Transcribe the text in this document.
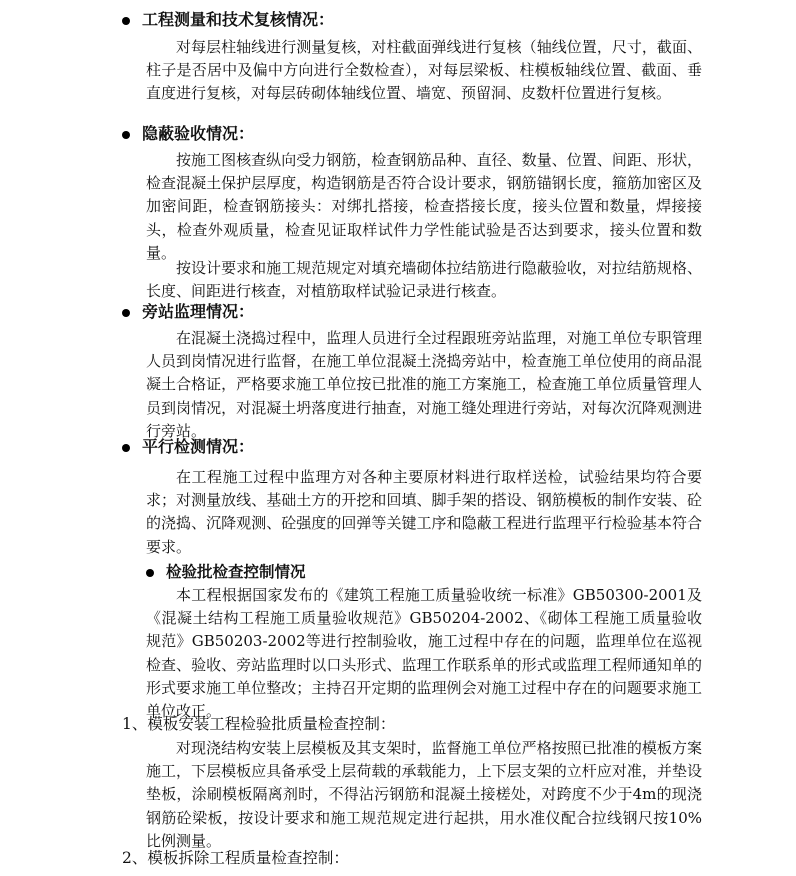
工程测量和技术复核情况：

对每层柱轴线进行测量复核，对柱截面弹线进行复核（轴线位置，尺寸，截面、柱子是否居中及偏中方向进行全数检查），对每层梁板、柱模板轴线位置、截面、垂直度进行复核，对每层砖砌体轴线位置、墙宽、预留洞、皮数杆位置进行复核。

隐蔽验收情况：

按施工图核查纵向受力钢筋，检查钢筋品种、直径、数量、位置、间距、形状，检查混凝土保护层厚度，构造钢筋是否符合设计要求，钢筋锚钢长度，箍筋加密区及加密间距，检查钢筋接头：对绑扎搭接，检查搭接长度，接头位置和数量，焊接接头，检查外观质量，检查见证取样试件力学性能试验是否达到要求，接头位置和数量。

按设计要求和施工规范规定对填充墙砌体拉结筋进行隐蔽验收，对拉结筋规格、长度、间距进行核查，对植筋取样试验记录进行核查。

旁站监理情况：

在混凝土浇捣过程中，监理人员进行全过程跟班旁站监理，对施工单位专职管理人员到岗情况进行监督，在施工单位混凝土浇捣旁站中，检查施工单位使用的商品混凝土合格证，严格要求施工单位按已批准的施工方案施工，检查施工单位质量管理人员到岗情况，对混凝土坍落度进行抽查，对施工缝处理进行旁站，对每次沉降观测进行旁站。

平行检测情况：

在工程施工过程中监理方对各种主要原材料进行取样送检，试验结果均符合要求；对测量放线、基础土方的开挖和回填、脚手架的搭设、钢筋模板的制作安装、砼的浇捣、沉降观测、砼强度的回弹等关键工序和隐蔽工程进行监理平行检验基本符合要求。

检验批检查控制情况

本工程根据国家发布的《建筑工程施工质量验收统一标准》GB50300-2001及《混凝土结构工程施工质量验收规范》GB50204-2002、《砌体工程施工质量验收规范》GB50203-2002等进行控制验收，施工过程中存在的问题，监理单位在巡视检查、验收、旁站监理时以口头形式、监理工作联系单的形式或监理工程师通知单的形式要求施工单位整改；主持召开定期的监理例会对施工过程中存在的问题要求施工单位改正。

1、模板安装工程检验批质量检查控制：

对现浇结构安装上层模板及其支架时，监督施工单位严格按照已批准的模板方案施工，下层模板应具备承受上层荷载的承载能力，上下层支架的立杆应对准，并垫设垫板，涂刷模板隔离剂时，不得沾污钢筋和混凝土接槎处，对跨度不少于4m的现浇钢筋砼梁板，按设计要求和施工规范规定进行起拱，用水准仪配合拉线钢尺按10%比例测量。

2、模板拆除工程质量检查控制：
